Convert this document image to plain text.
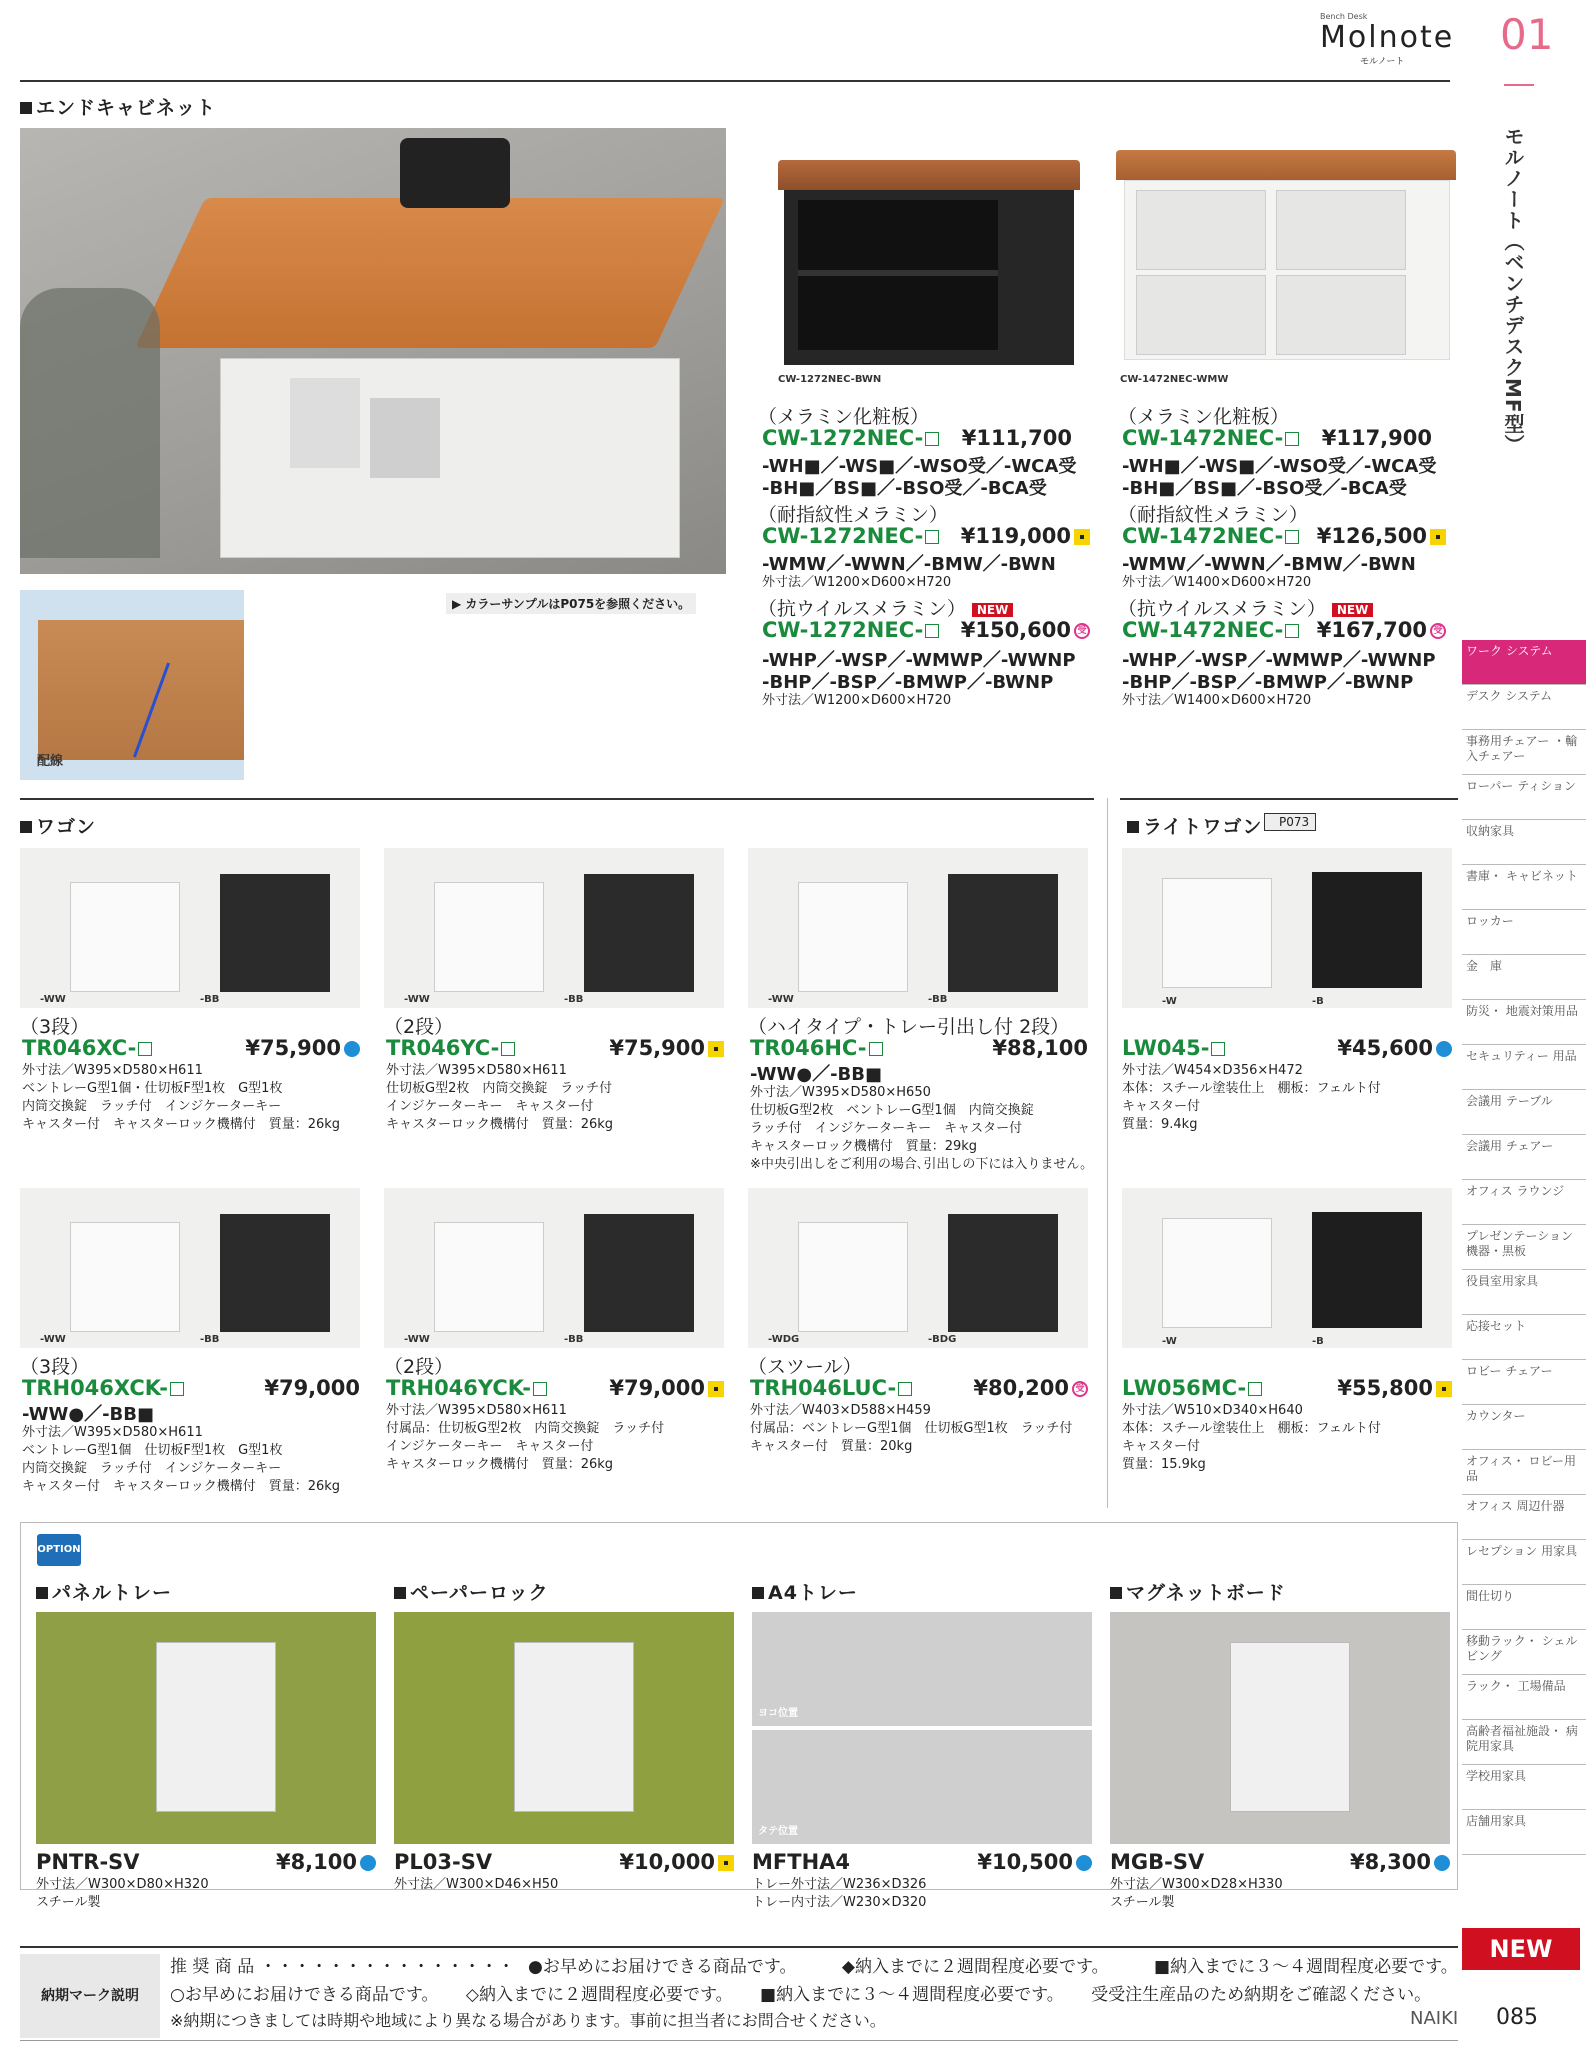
Bench Desk
Molnote
モルノート
01
モルノート（ベンチデスクMF型）
エンドキャビネット
配線
▶ カラーサンプルはP075を参照ください。
CW-1272NEC-BWN	CW-1472NEC-WMW
（メラミン化粧板）
CW-1272NEC-	¥111,700
-WH■／-WS■／-WSO受／-WCA受
-BH■／BS■／-BSO受／-BCA受
（耐指紋性メラミン）
CW-1272NEC-	¥119,000
-WMW／-WWN／-BMW／-BWN
外寸法／W1200×D600×H720
（抗ウイルスメラミン） NEW
CW-1272NEC-	¥150,600 受
-WHP／-WSP／-WMWP／-WWNP
-BHP／-BSP／-BMWP／-BWNP
外寸法／W1200×D600×H720
（メラミン化粧板）
CW-1472NEC-	¥117,900
-WH■／-WS■／-WSO受／-WCA受
-BH■／BS■／-BSO受／-BCA受
（耐指紋性メラミン）
CW-1472NEC-	¥126,500
-WMW／-WWN／-BMW／-BWN
外寸法／W1400×D600×H720
（抗ウイルスメラミン） NEW
CW-1472NEC-	¥167,700 受
-WHP／-WSP／-WMWP／-WWNP
-BHP／-BSP／-BMWP／-BWNP
外寸法／W1400×D600×H720
ワゴン	ライトワゴン	P073
-WW	-BB
（3段）
TR046XC-	¥75,900
外寸法／W395×D580×H611
ベントレーG型1個・仕切板F型1枚　G型1枚
内筒交換錠　ラッチ付　インジケーターキー
キャスター付　キャスターロック機構付　質量：26kg
-WW	-BB
（2段）
TR046YC-	¥75,900
外寸法／W395×D580×H611
仕切板G型2枚　内筒交換錠　ラッチ付
インジケーターキー　キャスター付
キャスターロック機構付　質量：26kg
-WW	-BB
（ハイタイプ・トレー引出し付 2段）
TR046HC-	¥88,100
-WW●／-BB■
外寸法／W395×D580×H650
仕切板G型2枚　ベントレーG型1個　内筒交換錠
ラッチ付　インジケーターキー　キャスター付
キャスターロック機構付　質量：29kg
※中央引出しをご利用の場合､引出しの下には入りません。
-WW	-BB
（3段）
TRH046XCK-	¥79,000
-WW●／-BB■
外寸法／W395×D580×H611
ベントレーG型1個　仕切板F型1枚　G型1枚
内筒交換錠　ラッチ付　インジケーターキー
キャスター付　キャスターロック機構付　質量：26kg
-WW	-BB
（2段）
TRH046YCK-	¥79,000
外寸法／W395×D580×H611
付属品：仕切板G型2枚　内筒交換錠　ラッチ付
インジケーターキー　キャスター付
キャスターロック機構付　質量：26kg
-WDG	-BDG
（スツール）
TRH046LUC-	¥80,200 受
外寸法／W403×D588×H459
付属品：ベントレーG型1個　仕切板G型1枚　ラッチ付
キャスター付　質量：20kg
-W	-B
LW045-	¥45,600
外寸法／W454×D356×H472
本体：スチール塗装仕上　棚板：フェルト付
キャスター付
質量：9.4kg
-W	-B
LW056MC-	¥55,800
外寸法／W510×D340×H640
本体：スチール塗装仕上　棚板：フェルト付
キャスター付
質量：15.9kg
OPTION
パネルトレー
PNTR-SV	¥8,100
外寸法／W300×D80×H320
スチール製
ペーパーロック
PL03-SV	¥10,000
外寸法／W300×D46×H50
A4トレー
ヨコ位置
タテ位置
MFTHA4	¥10,500
トレー外寸法／W236×D326
トレー内寸法／W230×D320
マグネットボード
MGB-SV	¥8,300
外寸法／W300×D28×H330
スチール製
納期マーク説明
推 奨 商 品 ・・・・・・・・・・・・・・・ ●お早めにお届けできる商品です。	◆納入までに２週間程度必要です。	■納入までに３～４週間程度必要です。
○お早めにお届けできる商品です。 ◇納入までに２週間程度必要です。 ■納入までに３～４週間程度必要です。 受受注生産品のため納期をご確認ください。
※納期につきましては時期や地域により異なる場合があります。事前に担当者にお問合せください。
ワーク システム
デスク システム
事務用チェアー ・輸入チェアー
ローパー ティション
収納家具
書庫・ キャビネット
ロッカー
金　庫
防災・ 地震対策用品
セキュリティー 用品
会議用 テーブル
会議用 チェアー
オフィス ラウンジ
プレゼンテーション 機器・黒板
役員室用家具
応接セット
ロビー チェアー
カウンター
オフィス・ ロビー用品
オフィス 周辺什器
レセプション 用家具
間仕切り
移動ラック・ シェルビング
ラック・ 工場備品
高齢者福祉施設・ 病院用家具
学校用家具
店舗用家具
NEW
NAIKI 085
